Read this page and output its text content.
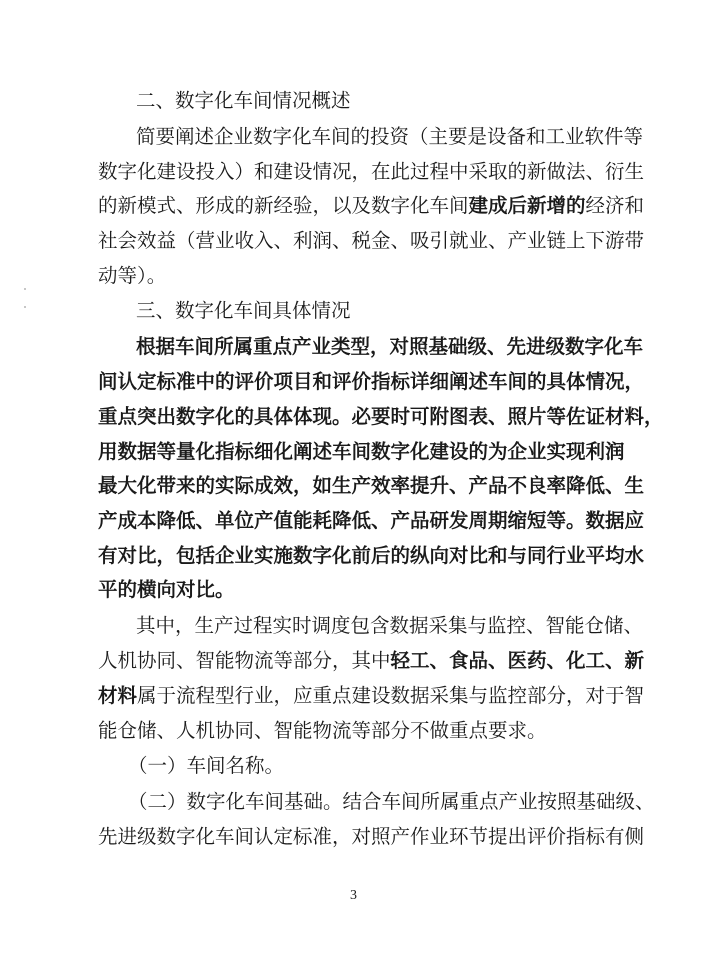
二、数字化车间情况概述
简要阐述企业数字化车间的投资（主要是设备和工业软件等
数字化建设投入）和建设情况，在此过程中采取的新做法、衍生
的新模式、形成的新经验，以及数字化车间建成后新增的经济和
社会效益（营业收入、利润、税金、吸引就业、产业链上下游带
动等）。
三、数字化车间具体情况
根据车间所属重点产业类型，对照基础级、先进级数字化车
间认定标准中的评价项目和评价指标详细阐述车间的具体情况，
重点突出数字化的具体体现。必要时可附图表、照片等佐证材料，
用数据等量化指标细化阐述车间数字化建设的为企业实现利润
最大化带来的实际成效，如生产效率提升、产品不良率降低、生
产成本降低、单位产值能耗降低、产品研发周期缩短等。数据应
有对比，包括企业实施数字化前后的纵向对比和与同行业平均水
平的横向对比。
其中，生产过程实时调度包含数据采集与监控、智能仓储、
人机协同、智能物流等部分，其中轻工、食品、医药、化工、新
材料属于流程型行业，应重点建设数据采集与监控部分，对于智
能仓储、人机协同、智能物流等部分不做重点要求。
（一）车间名称。
（二）数字化车间基础。结合车间所属重点产业按照基础级、
先进级数字化车间认定标准，对照产作业环节提出评价指标有侧
3
